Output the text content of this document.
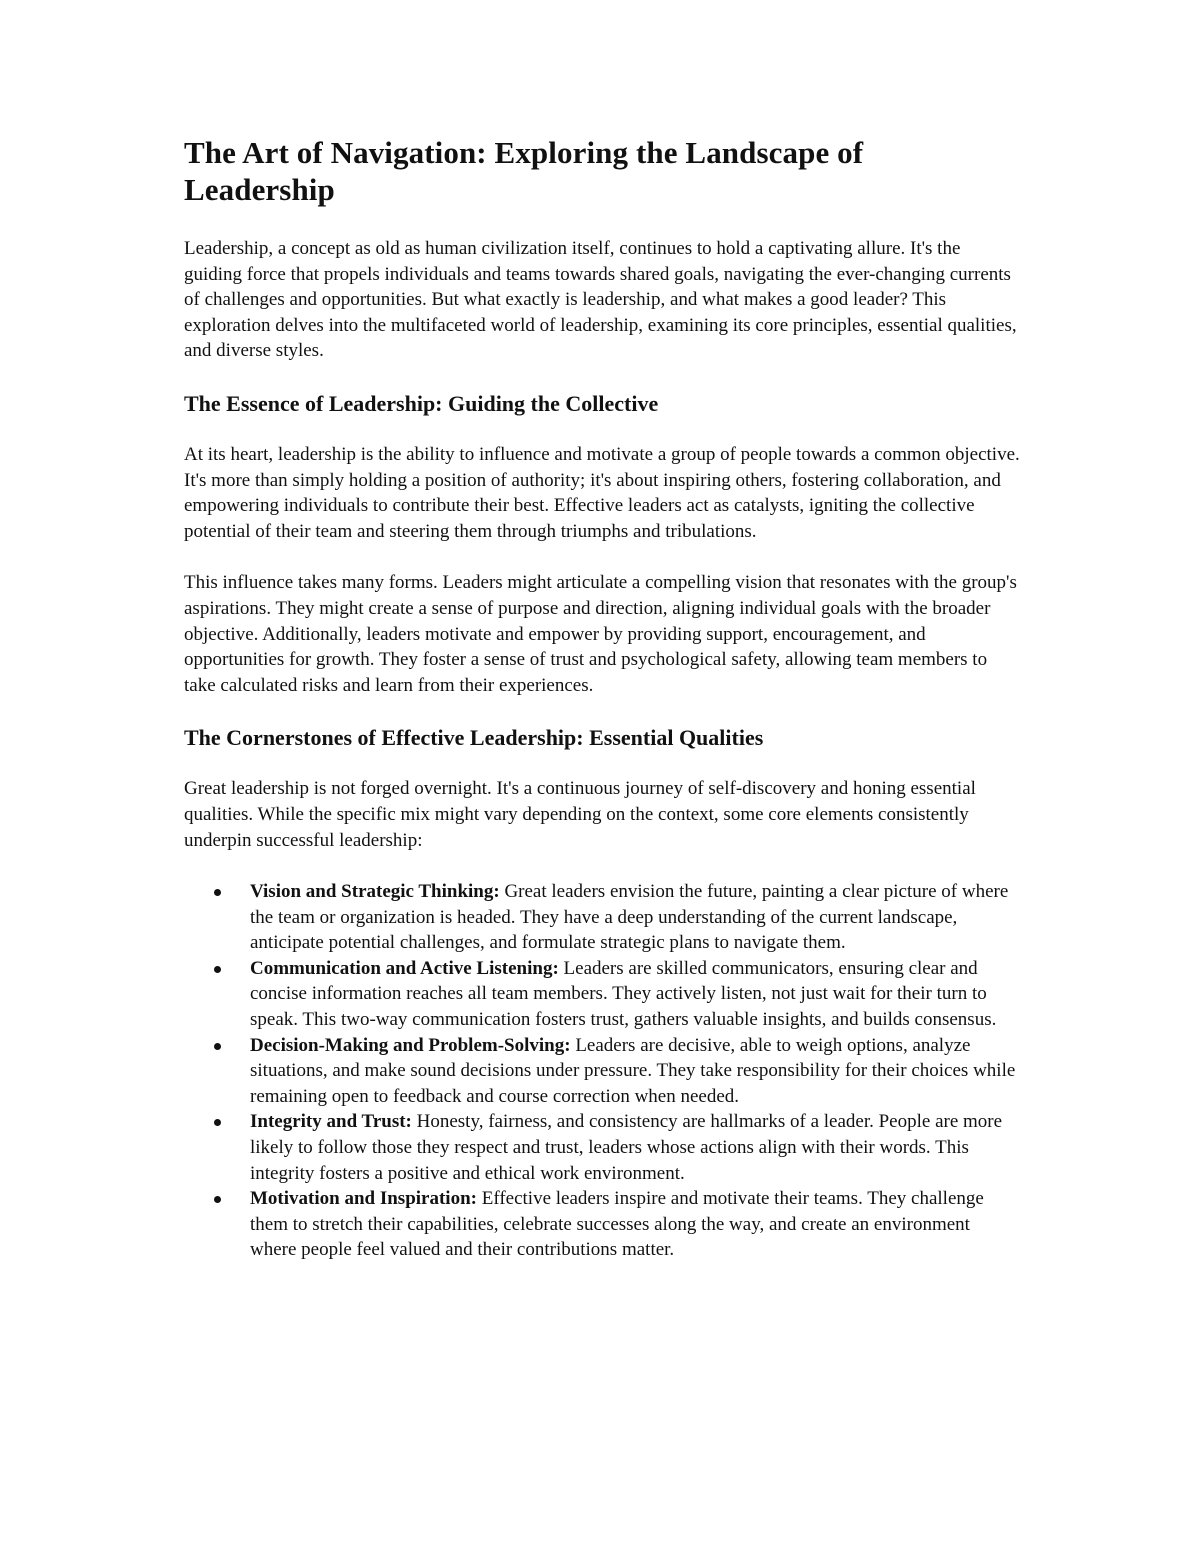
The Art of Navigation: Exploring the Landscape of Leadership

Leadership, a concept as old as human civilization itself, continues to hold a captivating allure. It's the guiding force that propels individuals and teams towards shared goals, navigating the ever-changing currents of challenges and opportunities. But what exactly is leadership, and what makes a good leader? This exploration delves into the multifaceted world of leadership, examining its core principles, essential qualities, and diverse styles.

The Essence of Leadership: Guiding the Collective

At its heart, leadership is the ability to influence and motivate a group of people towards a common objective. It's more than simply holding a position of authority; it's about inspiring others, fostering collaboration, and empowering individuals to contribute their best. Effective leaders act as catalysts, igniting the collective potential of their team and steering them through triumphs and tribulations.

This influence takes many forms. Leaders might articulate a compelling vision that resonates with the group's aspirations. They might create a sense of purpose and direction, aligning individual goals with the broader objective. Additionally, leaders motivate and empower by providing support, encouragement, and opportunities for growth. They foster a sense of trust and psychological safety, allowing team members to take calculated risks and learn from their experiences.

The Cornerstones of Effective Leadership: Essential Qualities

Great leadership is not forged overnight. It's a continuous journey of self-discovery and honing essential qualities. While the specific mix might vary depending on the context, some core elements consistently underpin successful leadership:

Vision and Strategic Thinking: Great leaders envision the future, painting a clear picture of where the team or organization is headed. They have a deep understanding of the current landscape, anticipate potential challenges, and formulate strategic plans to navigate them.
Communication and Active Listening: Leaders are skilled communicators, ensuring clear and concise information reaches all team members. They actively listen, not just wait for their turn to speak. This two-way communication fosters trust, gathers valuable insights, and builds consensus.
Decision-Making and Problem-Solving: Leaders are decisive, able to weigh options, analyze situations, and make sound decisions under pressure. They take responsibility for their choices while remaining open to feedback and course correction when needed.
Integrity and Trust: Honesty, fairness, and consistency are hallmarks of a leader. People are more likely to follow those they respect and trust, leaders whose actions align with their words. This integrity fosters a positive and ethical work environment.
Motivation and Inspiration: Effective leaders inspire and motivate their teams. They challenge them to stretch their capabilities, celebrate successes along the way, and create an environment where people feel valued and their contributions matter.
